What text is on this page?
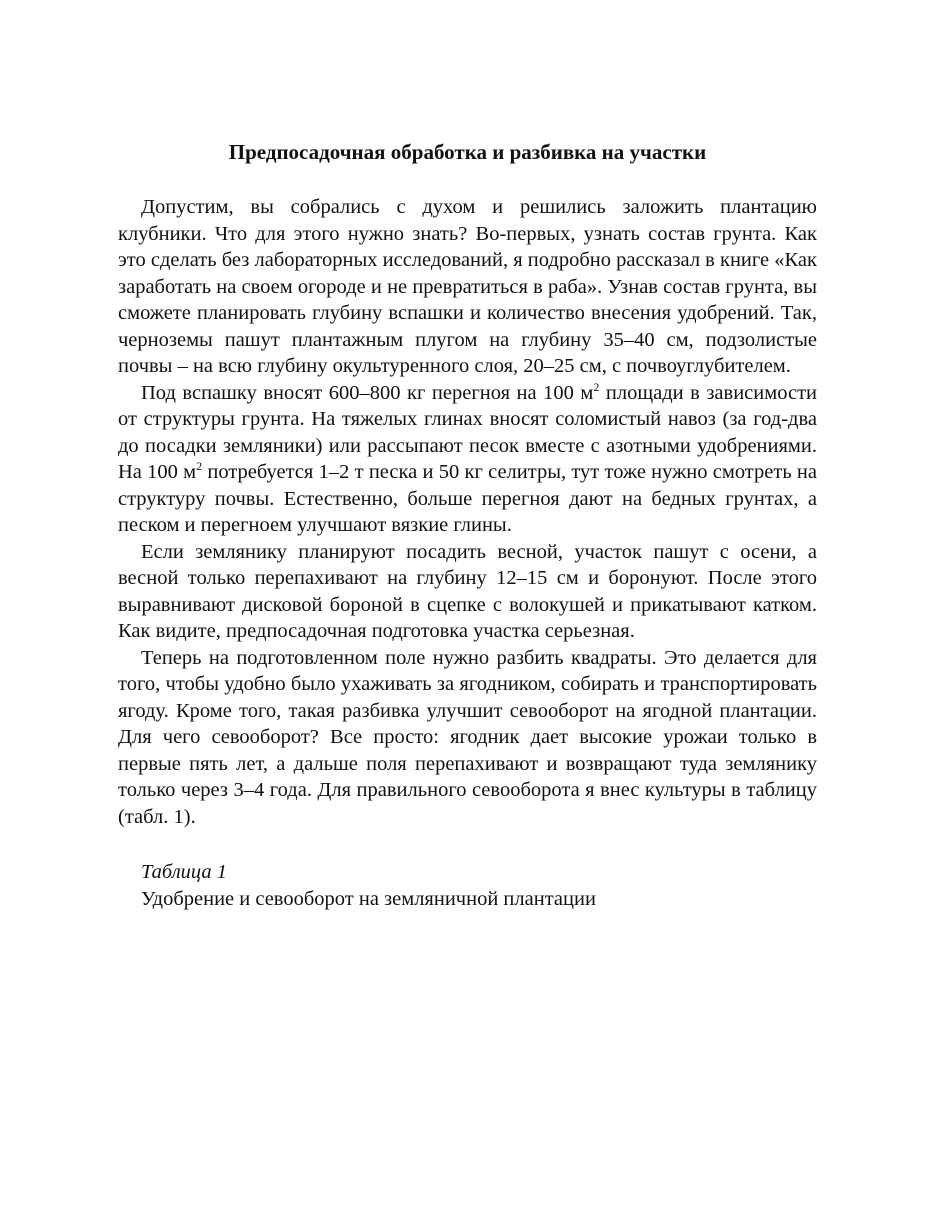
Предпосадочная обработка и разбивка на участки

Допустим, вы собрались с духом и решились заложить плантацию клубники. Что для этого нужно знать? Во-первых, узнать состав грунта. Как это сделать без лабораторных исследований, я подробно рассказал в книге «Как заработать на своем огороде и не превратиться в раба». Узнав состав грунта, вы сможете планировать глубину вспашки и количество внесения удобрений. Так, черноземы пашут плантажным плугом на глубину 35–40 см, подзолистые почвы – на всю глубину окультуренного слоя, 20–25 см, с почвоуглубителем.

Под вспашку вносят 600–800 кг перегноя на 100 $м^2$ площади в зависимости от структуры грунта. На тяжелых глинах вносят соломистый навоз (за год-два до посадки земляники) или рассыпают песок вместе с азотными удобрениями. На 100 $м^2$ потребуется 1–2 т песка и 50 кг селитры, тут тоже нужно смотреть на структуру почвы. Естественно, больше перегноя дают на бедных грунтах, а песком и перегноем улучшают вязкие глины.

Если землянику планируют посадить весной, участок пашут с осени, а весной только перепахивают на глубину 12–15 см и боронуют. После этого выравнивают дисковой бороной в сцепке с волокушей и прикатывают катком. Как видите, предпосадочная подготовка участка серьезная.

Теперь на подготовленном поле нужно разбить квадраты. Это делается для того, чтобы удобно было ухаживать за ягодником, собирать и транспортировать ягоду. Кроме того, такая разбивка улучшит севооборот на ягодной плантации. Для чего севооборот? Все просто: ягодник дает высокие урожаи только в первые пять лет, а дальше поля перепахивают и возвращают туда землянику только через 3–4 года. Для правильного севооборота я внес культуры в таблицу (табл. 1).

Таблица 1
Удобрение и севооборот на земляничной плантации
